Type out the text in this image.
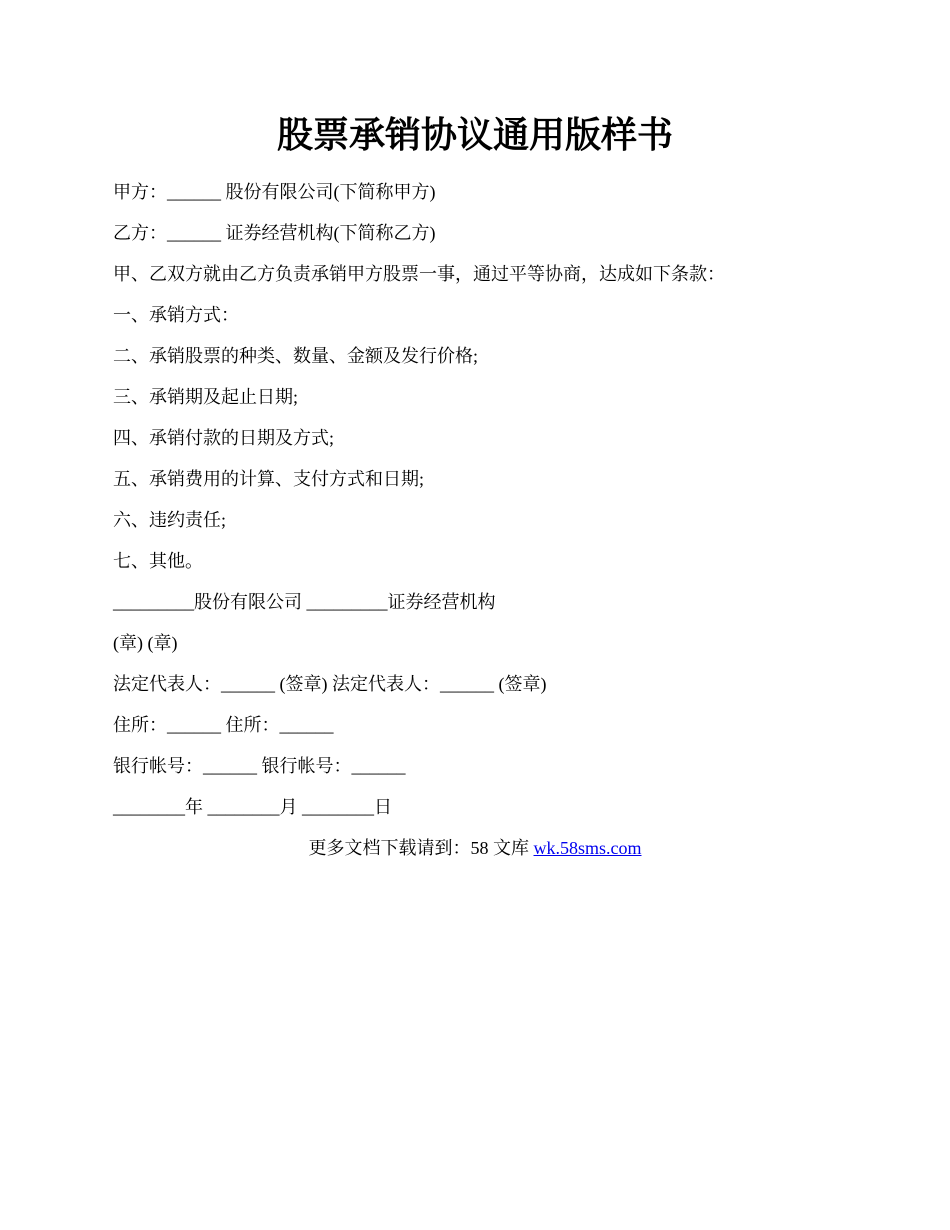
股票承销协议通用版样书
甲方：______ 股份有限公司(下简称甲方)
乙方：______ 证券经营机构(下简称乙方)
甲、乙双方就由乙方负责承销甲方股票一事，通过平等协商，达成如下条款：
一、承销方式：
二、承销股票的种类、数量、金额及发行价格;
三、承销期及起止日期;
四、承销付款的日期及方式;
五、承销费用的计算、支付方式和日期;
六、违约责任;
七、其他。
_________股份有限公司 _________证券经营机构
(章) (章)
法定代表人：______ (签章) 法定代表人：______ (签章)
住所：______ 住所：______
银行帐号：______ 银行帐号：______
________年 ________月 ________日
更多文档下载请到：58 文库 wk.58sms.com
